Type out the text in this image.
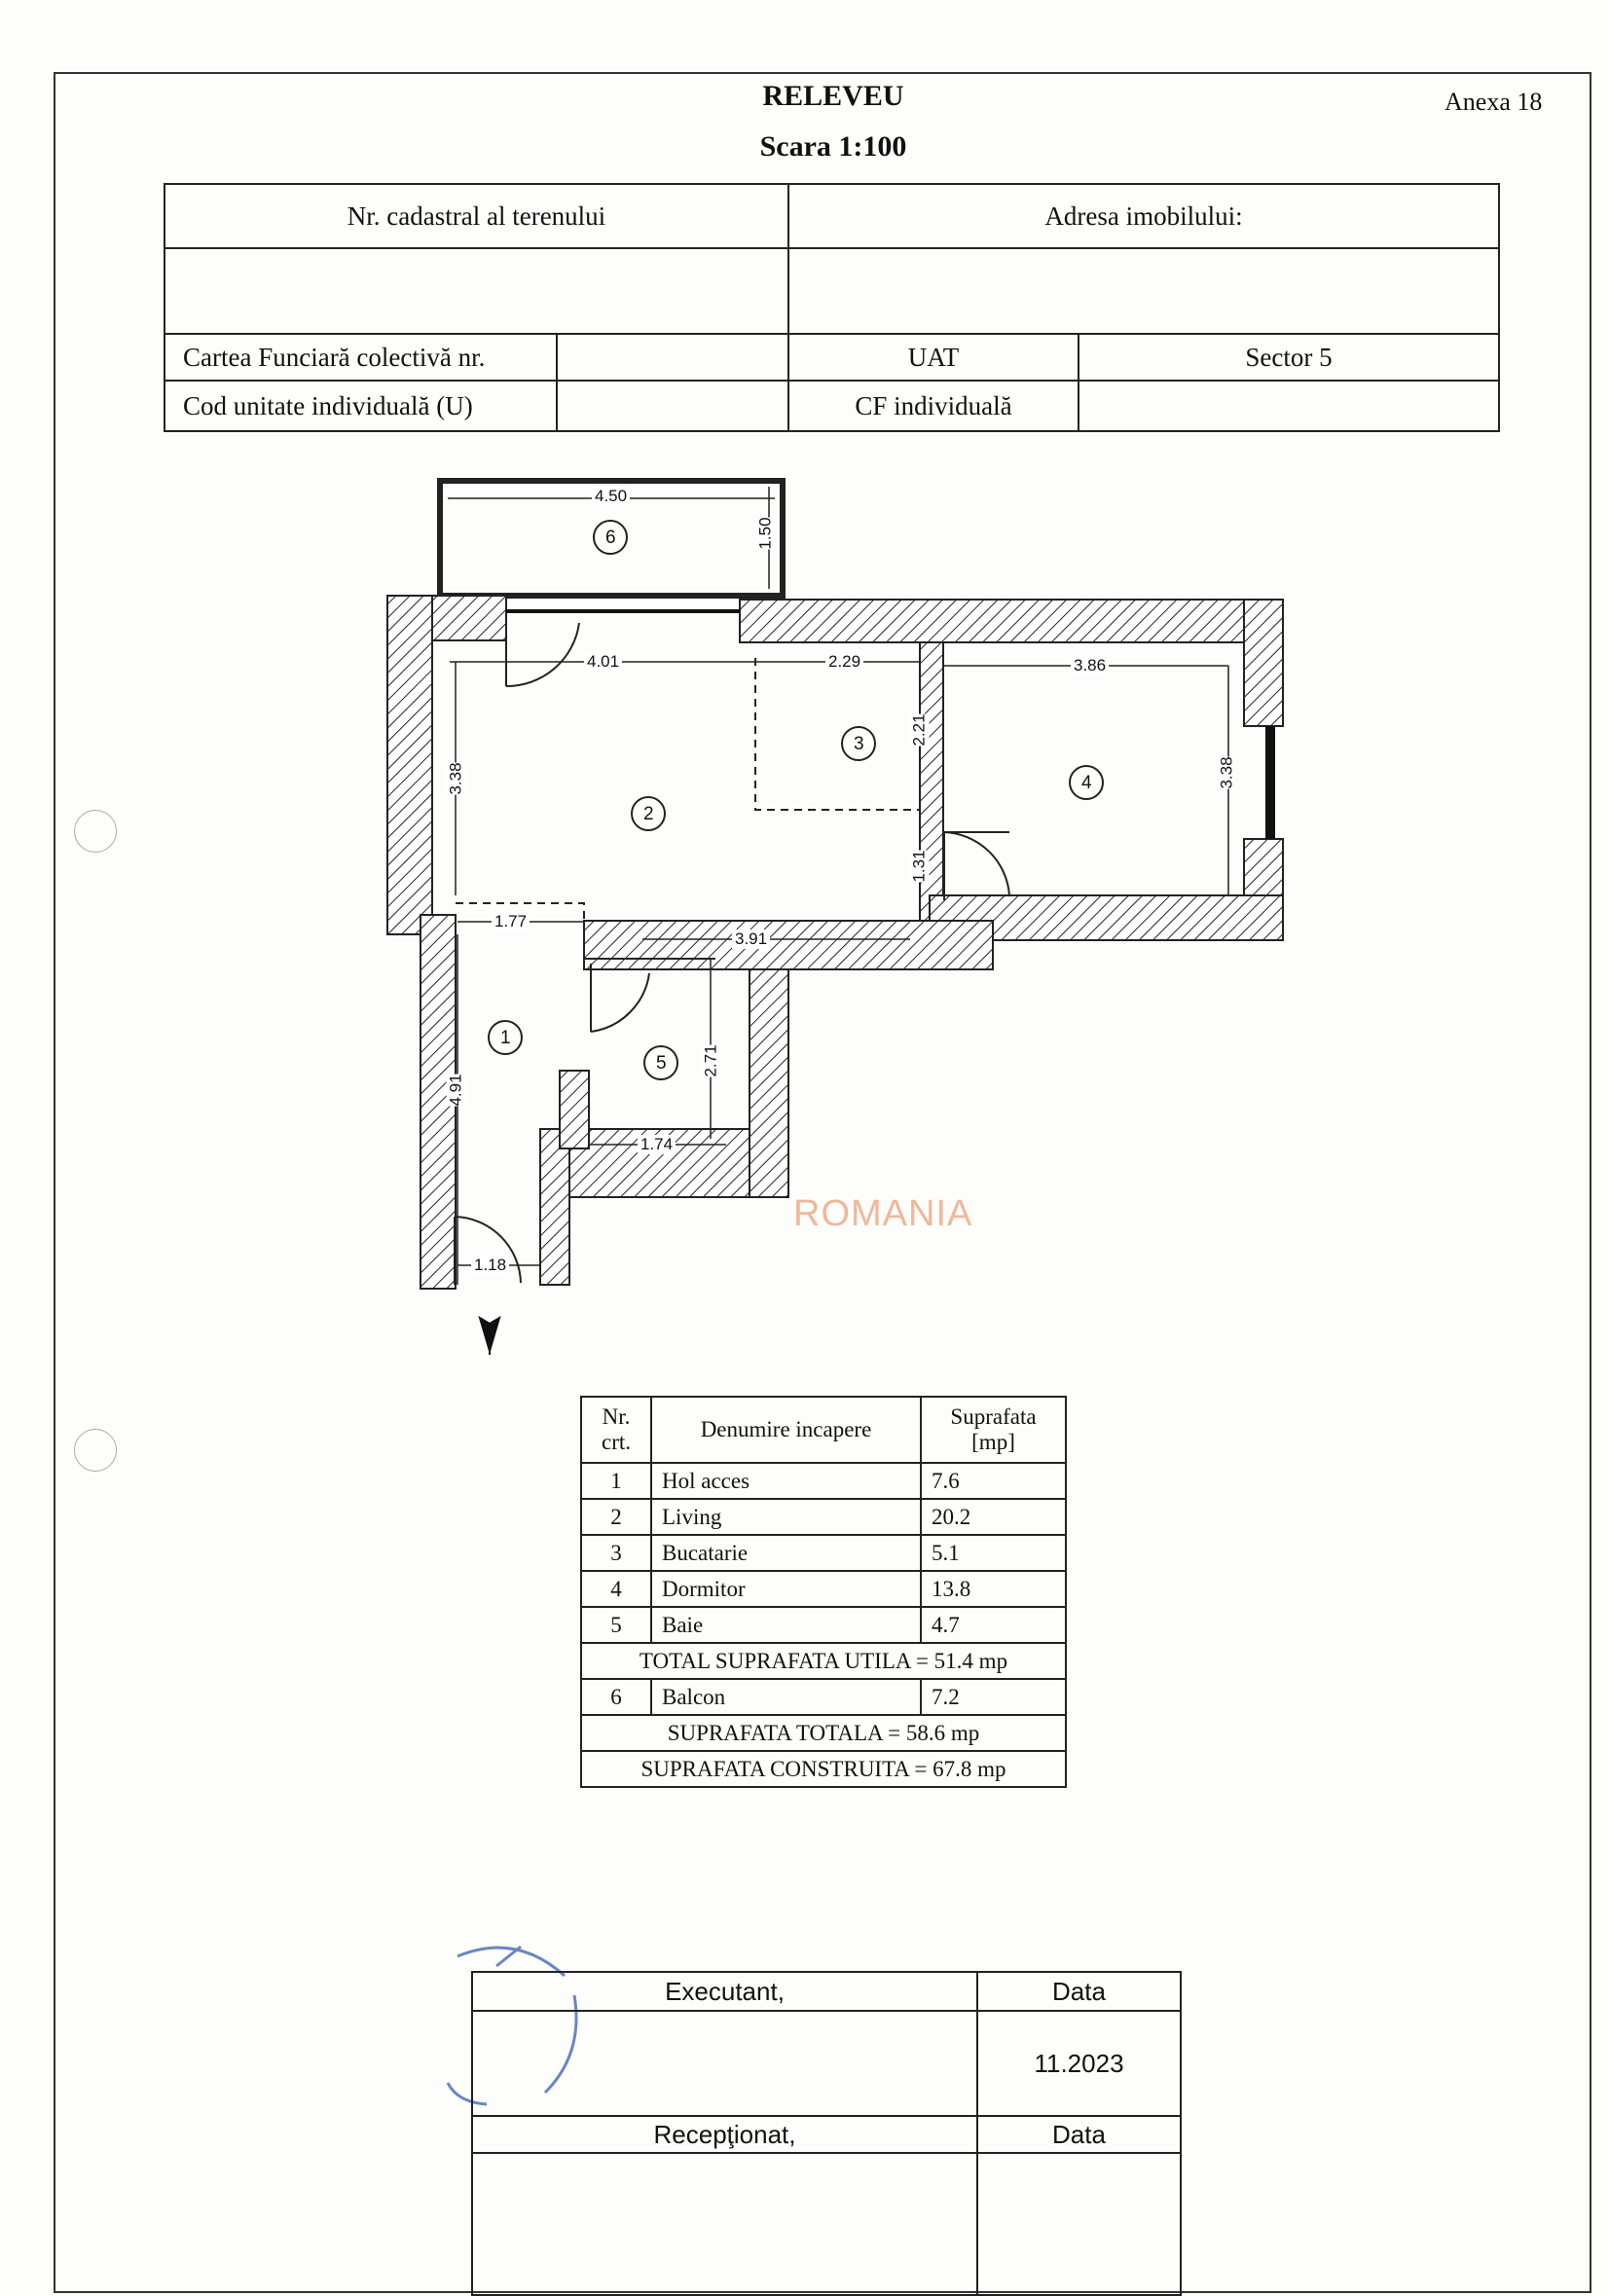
RELEVEU
Scara 1:100
Anexa 18
Nr. cadastral al terenului		Adresa imobilului:	

Cartea Funciară colectivă nr.		UAT	Sector 5
Cod unitate individuală (U)		CF individuală	
4.50
1.50
4.01	2.29	3.86
3.38
2.21
3.38
1.31
1.77
3.91
2.71
4.91
1.74
1.18
6
2
3
4
1
5
ROMANIA
Nr. crt.	Denumire incapere	Suprafata [mp]
1	Hol acces	7.6
2	Living	20.2
3	Bucatarie	5.1
4	Dormitor	13.8
5	Baie	4.7
TOTAL SUPRAFATA UTILA = 51.4 mp		
6	Balcon	7.2
SUPRAFATA TOTALA = 58.6 mp		
SUPRAFATA CONSTRUITA = 67.8 mp		
Executant,	Data
	11.2023
Recepţionat,	Data
